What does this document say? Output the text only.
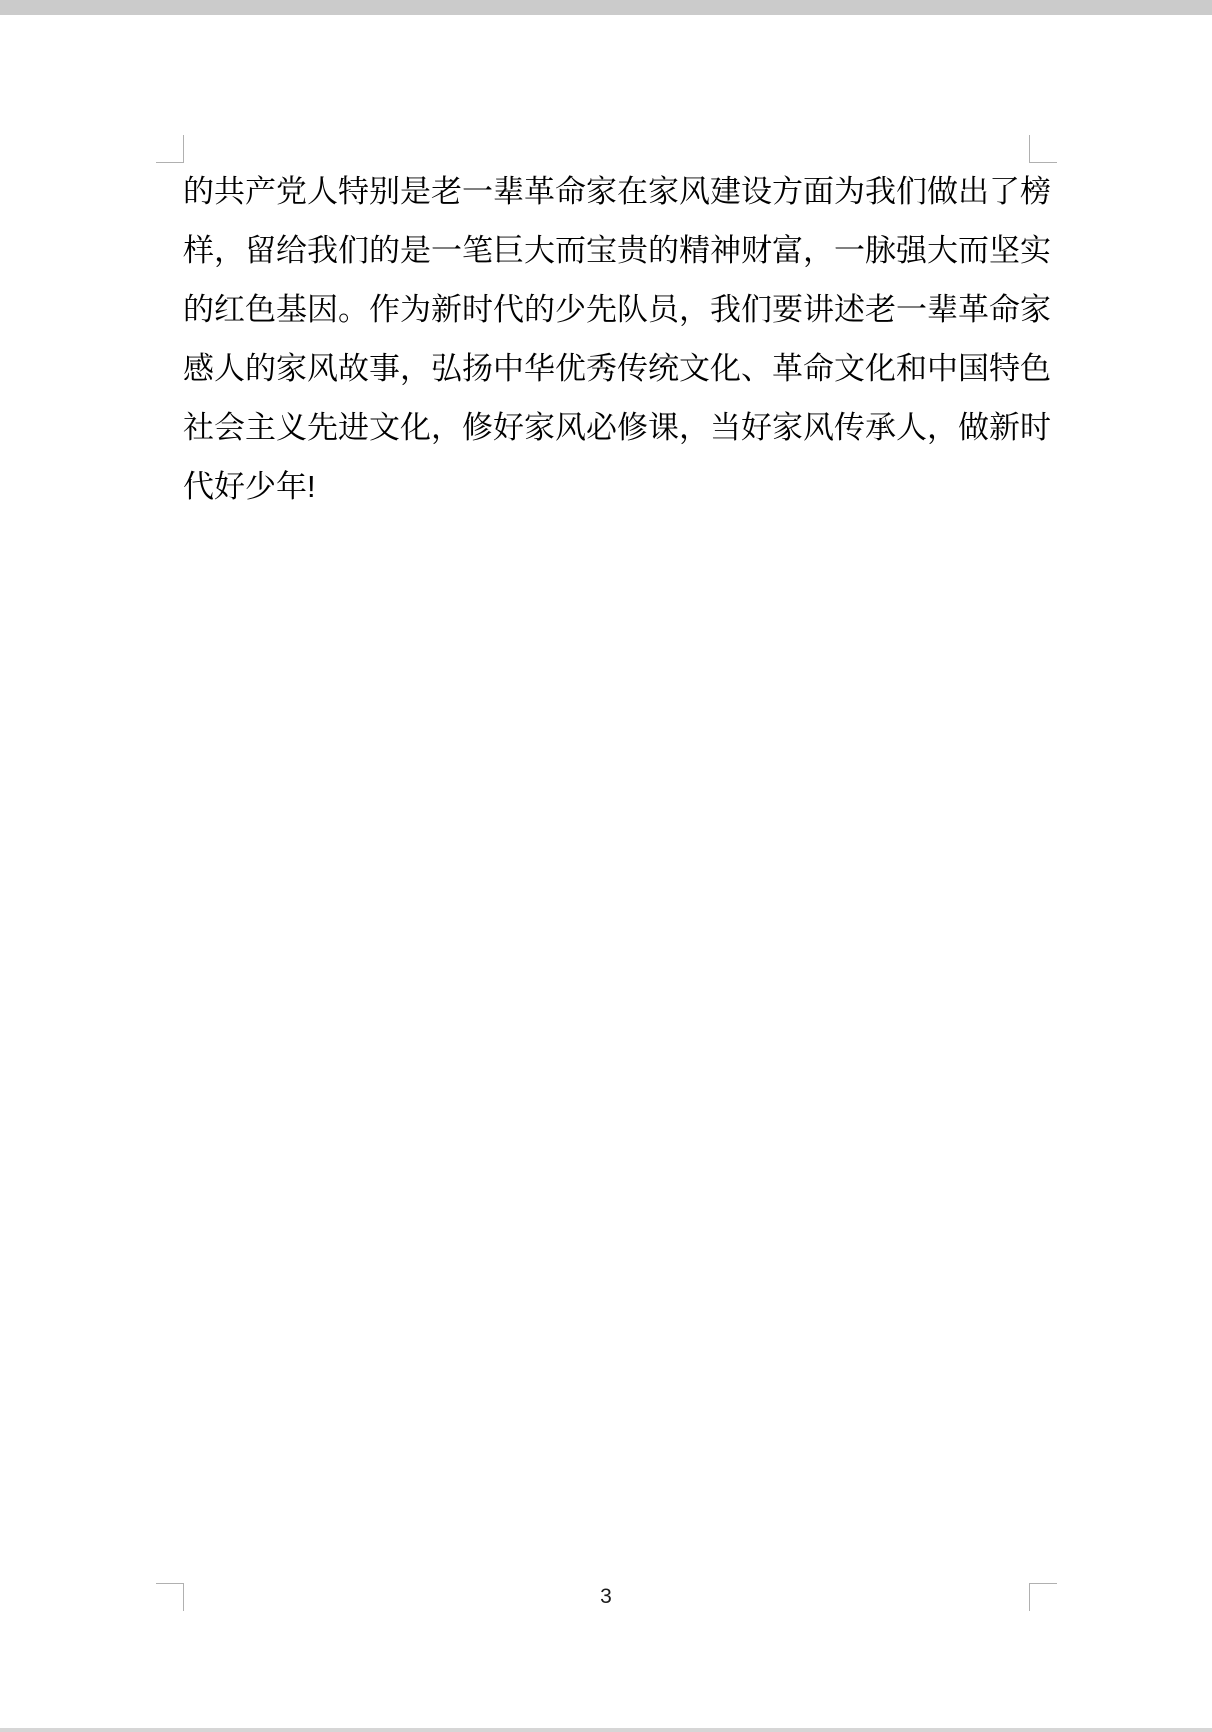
的共产党人特别是老一辈革命家在家风建设方面为我们做出了榜
样，留给我们的是一笔巨大而宝贵的精神财富，一脉强大而坚实
的红色基因。作为新时代的少先队员，我们要讲述老一辈革命家
感人的家风故事，弘扬中华优秀传统文化、革命文化和中国特色
社会主义先进文化，修好家风必修课，当好家风传承人，做新时
代好少年!
3
